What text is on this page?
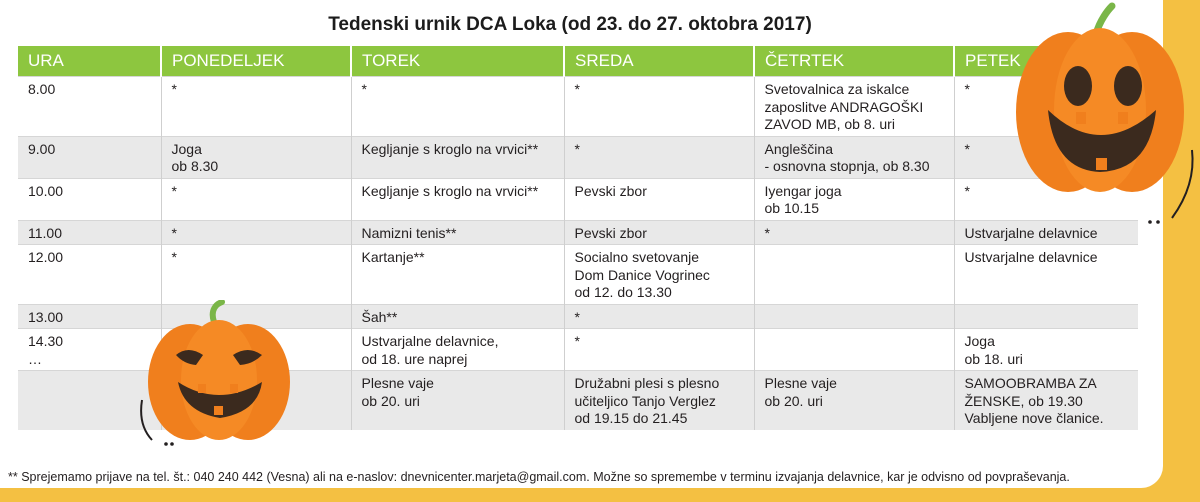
Tedenski urnik DCA Loka (od 23. do 27. oktobra 2017)
URA	PONEDELJEK	TOREK	SREDA	ČETRTEK	PETEK
8.00	*	*	*	Svetovalnica za iskalce
zaposlitve ANDRAGOŠKI
ZAVOD MB, ob 8. uri	*
9.00	Joga
ob 8.30	Kegljanje s kroglo na vrvici**	*	Angleščina
- osnovna stopnja, ob 8.30	*
10.00	*	Kegljanje s kroglo na vrvici**	Pevski zbor	Iyengar joga
ob 10.15	*
11.00	*	Namizni tenis**	Pevski zbor	*	Ustvarjalne delavnice
12.00	*	Kartanje**	Socialno svetovanje
Dom Danice Vogrinec
od 12. do 13.30		Ustvarjalne delavnice
13.00		Šah**	*		
14.30
…		Ustvarjalne delavnice,
od 18. ure naprej	*		Joga
ob 18. uri
		Plesne vaje
ob 20. uri	Družabni plesi s plesno
učiteljico Tanjo Verglez
od 19.15 do 21.45	Plesne vaje
ob 20. uri	SAMOOBRAMBA ZA
ŽENSKE, ob 19.30
Vabljene nove članice.
** Sprejemamo prijave na tel. št.: 040 240 442 (Vesna) ali na e-naslov: dnevnicenter.marjeta@gmail.com. Možne so spremembe v terminu izvajanja delavnice, kar je odvisno od povpraševanja.
